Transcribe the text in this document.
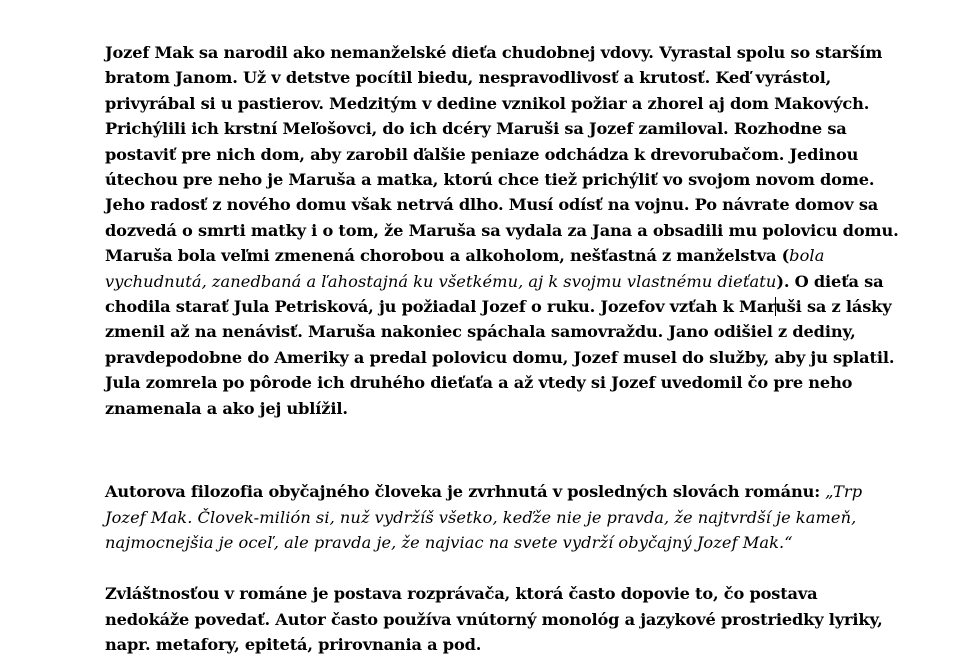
Jozef Mak sa narodil ako nemanželské dieťa chudobnej vdovy. Vyrastal spolu so starším bratom Janom. Už v detstve pocítil biedu, nespravodlivosť a krutosť. Keď vyrástol, privyrábal si u pastierov. Medzitým v dedine vznikol požiar a zhorel aj dom Makových. Prichýlili ich krstní Meľošovci, do ich dcéry Maruši sa Jozef zamiloval. Rozhodne sa postaviť pre nich dom, aby zarobil ďalšie peniaze odchádza k drevorubačom. Jedinou útechou pre neho je Maruša a matka, ktorú chce tiež prichýliť vo svojom novom dome. Jeho radosť z nového domu však netrvá dlho. Musí odísť na vojnu. Po návrate domov sa dozvedá o smrti matky i o tom, že Maruša sa vydala za Jana a obsadili mu polovicu domu. Maruša bola veľmi zmenená chorobou a alkoholom, nešťastná z manželstva (bola vychudnutá, zanedbaná a ľahostajná ku všetkému, aj k svojmu vlastnému dieťatu). O dieťa sa chodila starať Jula Petrisková, ju požiadal Jozef o ruku. Jozefov vzťah k Maruši sa z lásky zmenil až na nenávisť. Maruša nakoniec spáchala samovraždu. Jano odišiel z dediny, pravdepodobne do Ameriky a predal polovicu domu, Jozef musel do služby, aby ju splatil. Jula zomrela po pôrode ich druhého dieťaťa a až vtedy si Jozef uvedomil čo pre neho znamenala a ako jej ublížil.

Autorova filozofia obyčajného človeka je zvrhnutá v posledných slovách románu: „Trp Jozef Mak. Človek-milión si, nuž vydržíš všetko, keďže nie je pravda, že najtvrdší je kameň, najmocnejšia je oceľ, ale pravda je, že najviac na svete vydrží obyčajný Jozef Mak.“

Zvláštnosťou v románe je postava rozprávača, ktorá často dopovie to, čo postava nedokáže povedať. Autor často používa vnútorný monológ a jazykové prostriedky lyriky, napr. metafory, epitetá, prirovnania a pod.
